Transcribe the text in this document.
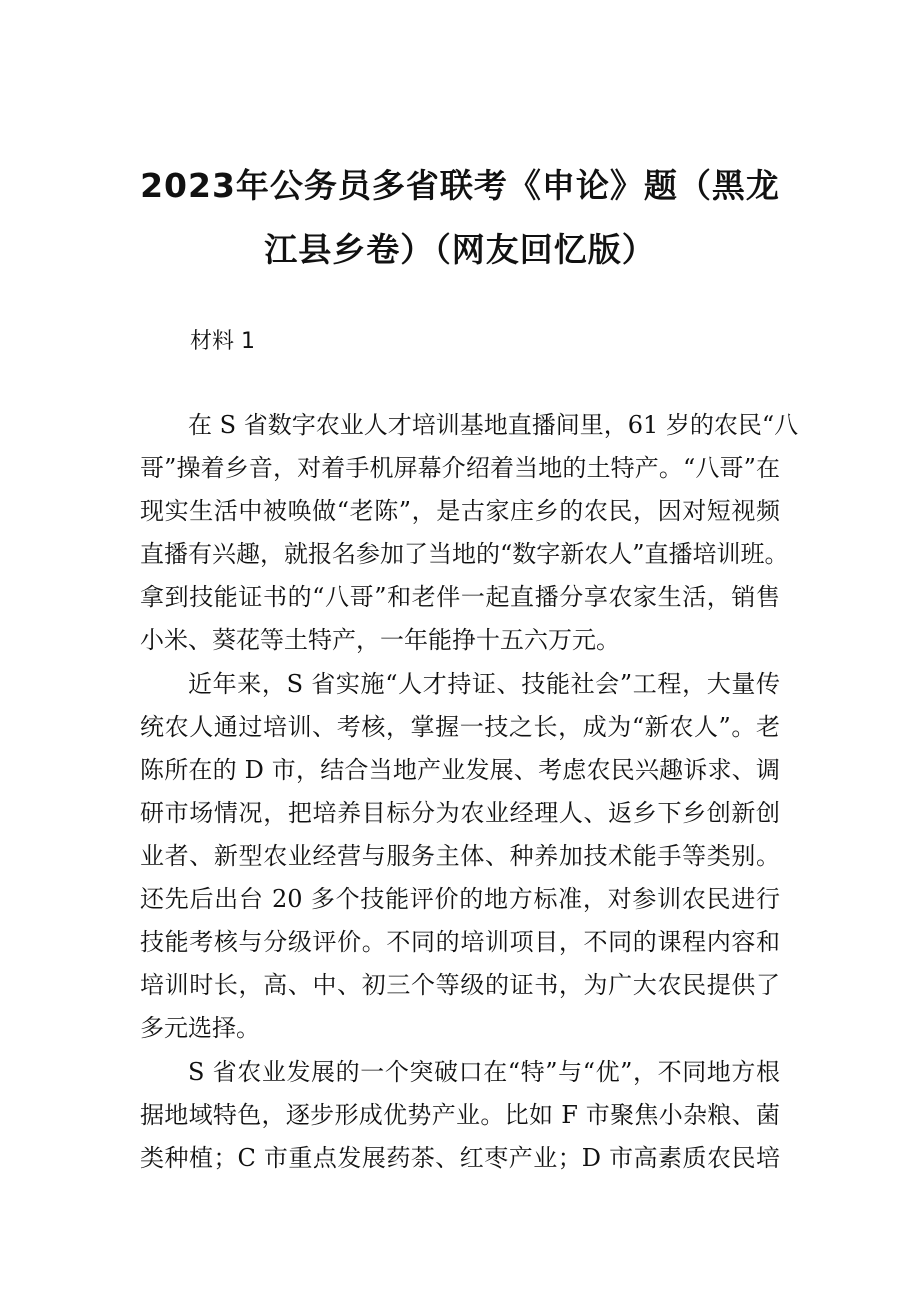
2023年公务员多省联考《申论》题（黑龙
江县乡卷）（网友回忆版）
材料 1
在 S 省数字农业人才培训基地直播间里，61 岁的农民“八
哥”操着乡音，对着手机屏幕介绍着当地的土特产。“八哥”在
现实生活中被唤做“老陈”，是古家庄乡的农民，因对短视频
直播有兴趣，就报名参加了当地的“数字新农人”直播培训班。
拿到技能证书的“八哥”和老伴一起直播分享农家生活，销售
小米、葵花等土特产，一年能挣十五六万元。
近年来，S 省实施“人才持证、技能社会”工程，大量传
统农人通过培训、考核，掌握一技之长，成为“新农人”。老
陈所在的 D 市，结合当地产业发展、考虑农民兴趣诉求、调
研市场情况，把培养目标分为农业经理人、返乡下乡创新创
业者、新型农业经营与服务主体、种养加技术能手等类别。
还先后出台 20 多个技能评价的地方标准，对参训农民进行
技能考核与分级评价。不同的培训项目，不同的课程内容和
培训时长，高、中、初三个等级的证书，为广大农民提供了
多元选择。
S 省农业发展的一个突破口在“特”与“优”，不同地方根
据地域特色，逐步形成优势产业。比如 F 市聚焦小杂粮、菌
类种植；C 市重点发展药茶、红枣产业；D 市高素质农民培
